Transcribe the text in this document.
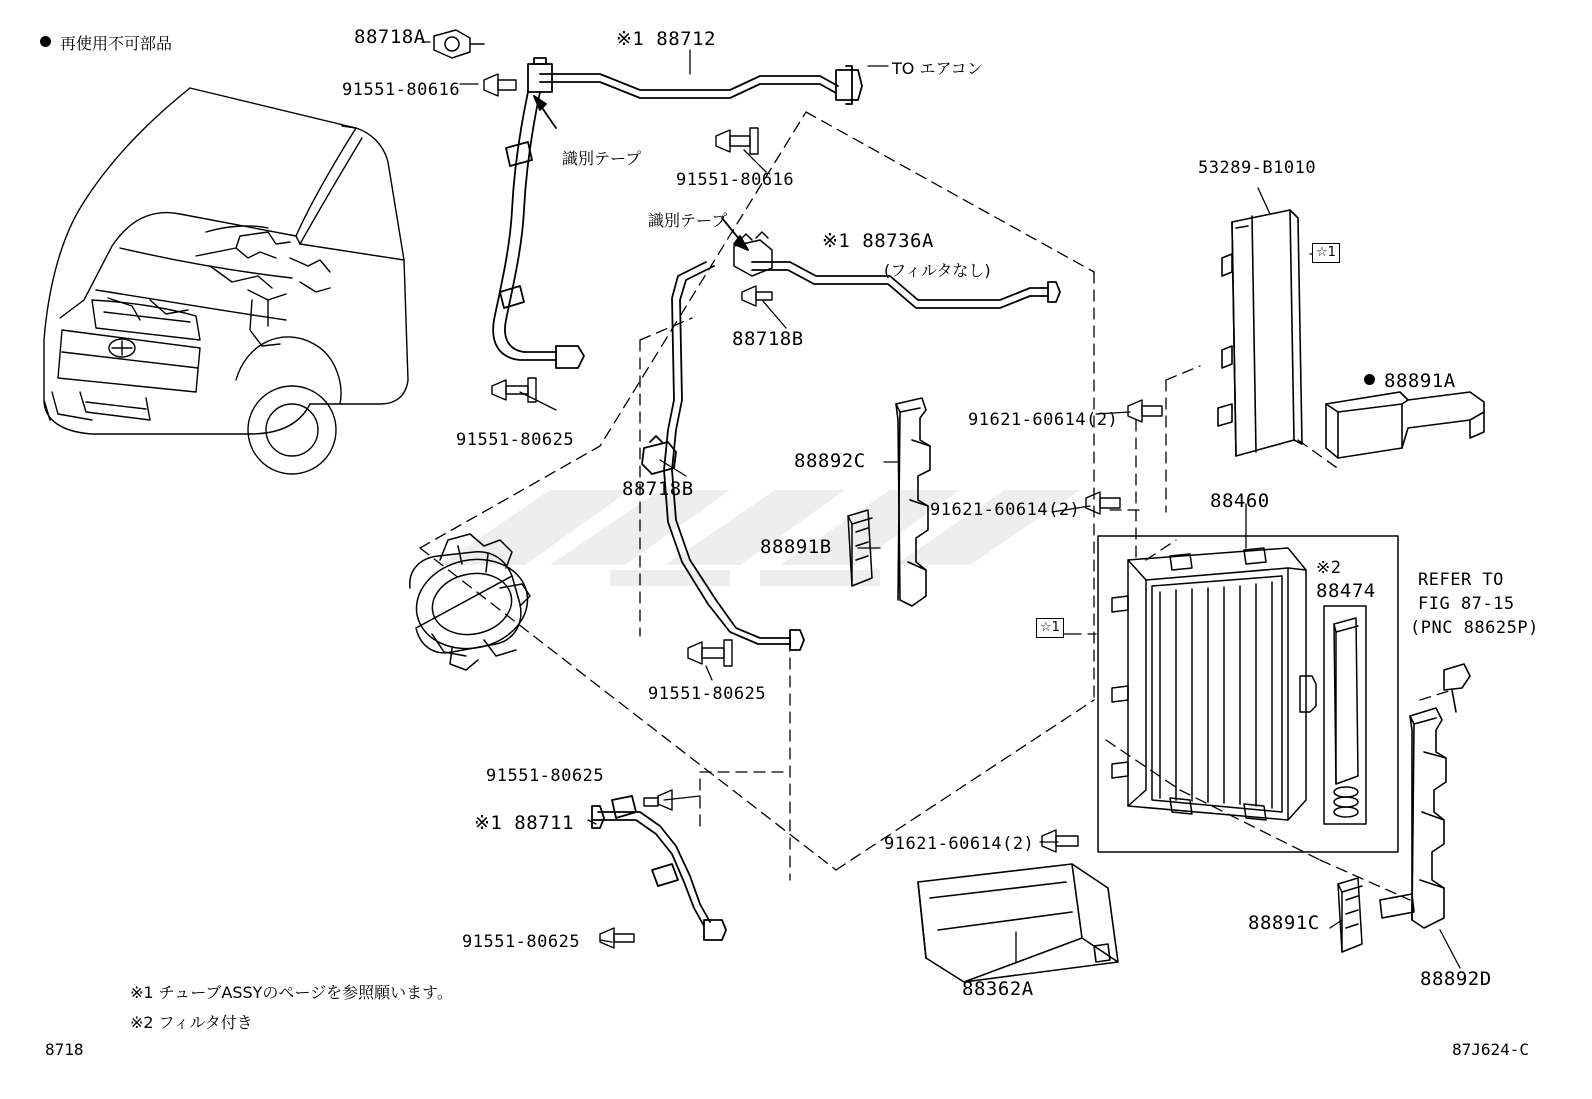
再使用不可部品	88718A
91551-80616
※1 88712
TO エアコン
識別テープ
91551-80616
識別テープ
※1 88736A
(フィルタなし)
88718B
88718B
53289-B1010
☆1
88891A
91621-60614(2)
88892C
91621-60614(2)
88891B
88460
※2
88474 REFER TO
FIG 87-15
(PNC 88625P)
☆1
91551-80625
91551-80625
91551-80625
※1 88711
91551-80625
91621-60614(2)
88362A
88891C
88892D
※1 チューブASSYのページを参照願います。
※2 フィルタ付き
8718	87J624-C
